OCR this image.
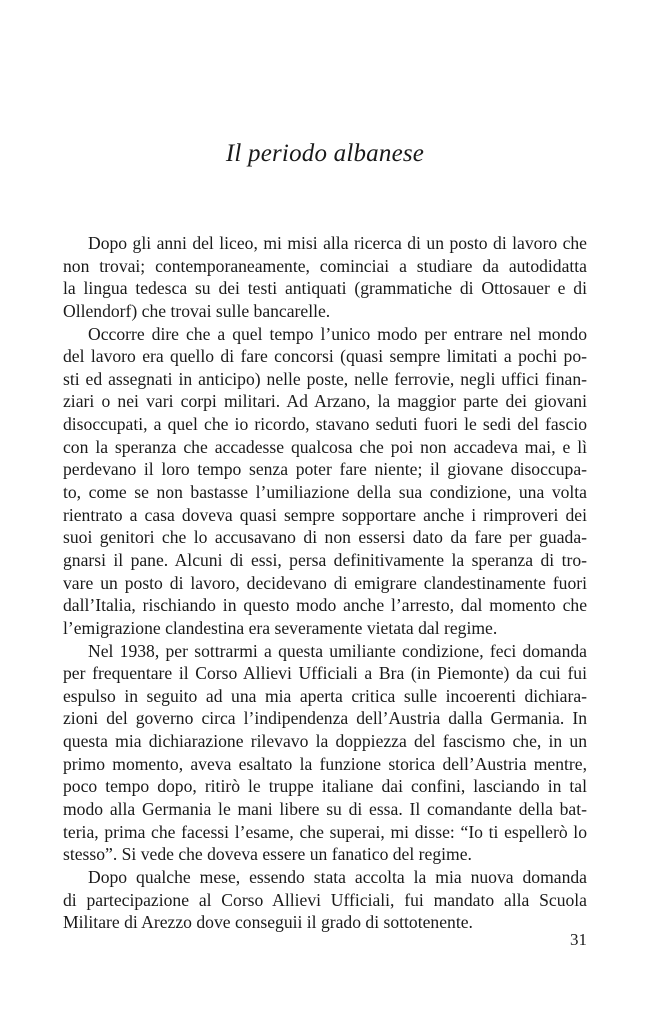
Il periodo albanese
Dopo gli anni del liceo, mi misi alla ricerca di un posto di lavoro che
non trovai; contemporaneamente, cominciai a studiare da autodidatta
la lingua tedesca su dei testi antiquati (grammatiche di Ottosauer e di
Ollendorf) che trovai sulle bancarelle.
Occorre dire che a quel tempo l’unico modo per entrare nel mondo
del lavoro era quello di fare concorsi (quasi sempre limitati a pochi po-
sti ed assegnati in anticipo) nelle poste, nelle ferrovie, negli uffici finan-
ziari o nei vari corpi militari. Ad Arzano, la maggior parte dei giovani
disoccupati, a quel che io ricordo, stavano seduti fuori le sedi del fascio
con la speranza che accadesse qualcosa che poi non accadeva mai, e lì
perdevano il loro tempo senza poter fare niente; il giovane disoccupa-
to, come se non bastasse l’umiliazione della sua condizione, una volta
rientrato a casa doveva quasi sempre sopportare anche i rimproveri dei
suoi genitori che lo accusavano di non essersi dato da fare per guada-
gnarsi il pane. Alcuni di essi, persa definitivamente la speranza di tro-
vare un posto di lavoro, decidevano di emigrare clandestinamente fuori
dall’Italia, rischiando in questo modo anche l’arresto, dal momento che
l’emigrazione clandestina era severamente vietata dal regime.
Nel 1938, per sottrarmi a questa umiliante condizione, feci domanda
per frequentare il Corso Allievi Ufficiali a Bra (in Piemonte) da cui fui
espulso in seguito ad una mia aperta critica sulle incoerenti dichiara-
zioni del governo circa l’indipendenza dell’Austria dalla Germania. In
questa mia dichiarazione rilevavo la doppiezza del fascismo che, in un
primo momento, aveva esaltato la funzione storica dell’Austria mentre,
poco tempo dopo, ritirò le truppe italiane dai confini, lasciando in tal
modo alla Germania le mani libere su di essa. Il comandante della bat-
teria, prima che facessi l’esame, che superai, mi disse: “Io ti espellerò lo
stesso”. Si vede che doveva essere un fanatico del regime.
Dopo qualche mese, essendo stata accolta la mia nuova domanda
di partecipazione al Corso Allievi Ufficiali, fui mandato alla Scuola
Militare di Arezzo dove conseguii il grado di sottotenente.
31
